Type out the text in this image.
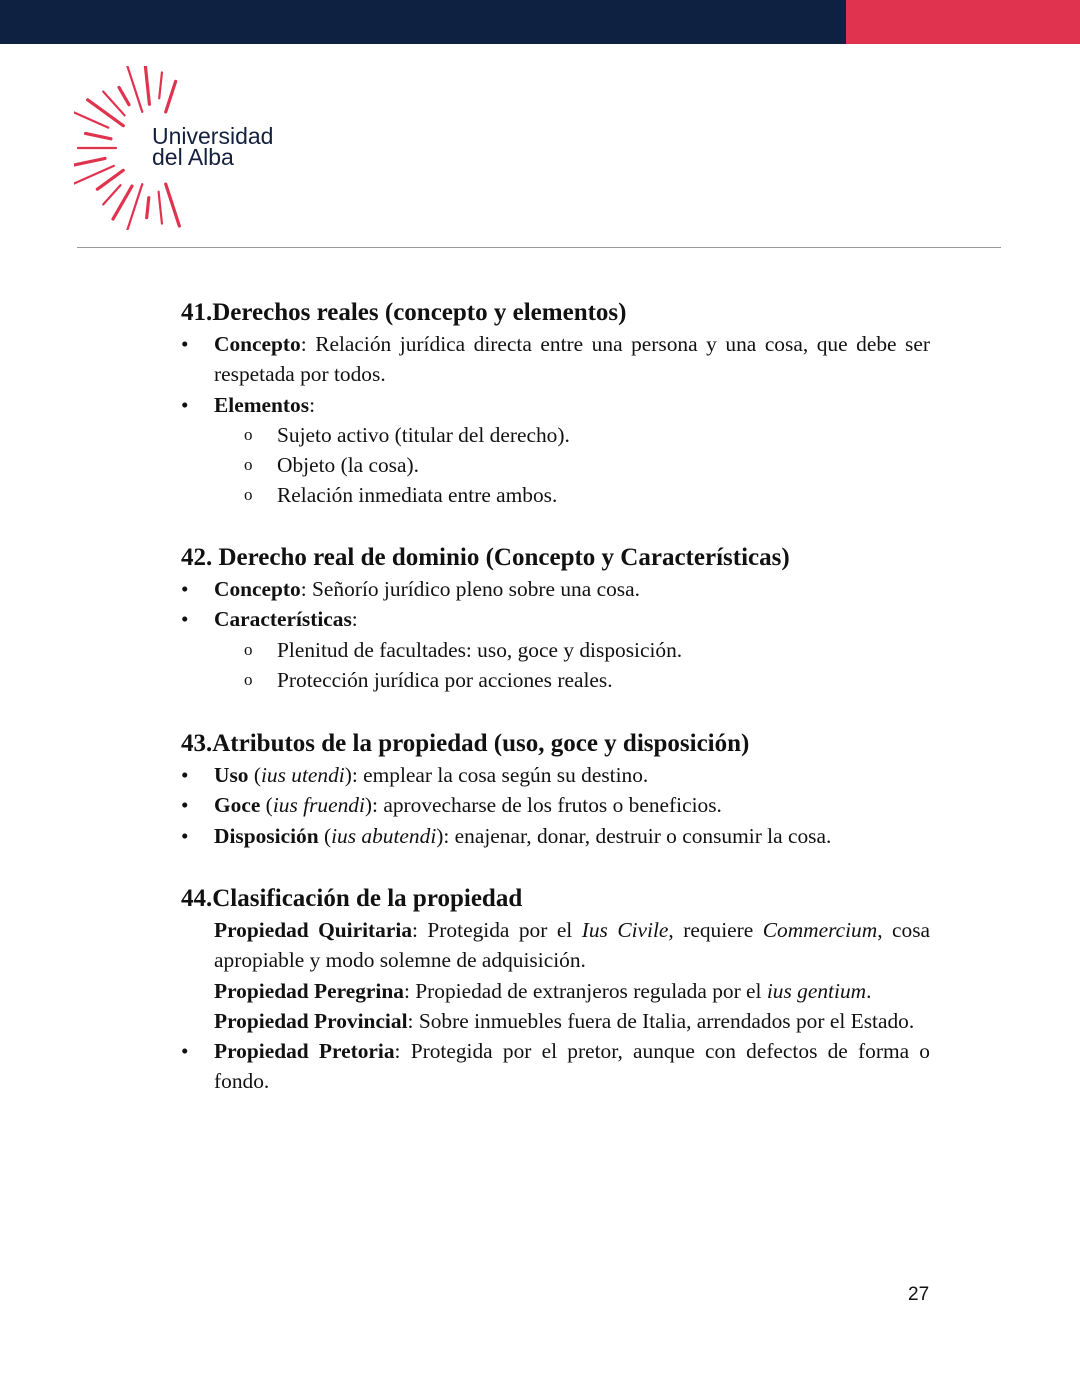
Universidad
del Alba
41.Derechos reales (concepto y elementos)
• Concepto: Relación jurídica directa entre una persona y una cosa, que debe ser respetada por todos.
• Elementos:
o Sujeto activo (titular del derecho).
o Objeto (la cosa).
o Relación inmediata entre ambos.
42. Derecho real de dominio (Concepto y Características)
• Concepto: Señorío jurídico pleno sobre una cosa.
• Características:
o Plenitud de facultades: uso, goce y disposición.
o Protección jurídica por acciones reales.
43.Atributos de la propiedad (uso, goce y disposición)
• Uso (ius utendi): emplear la cosa según su destino.
• Goce (ius fruendi): aprovecharse de los frutos o beneficios.
• Disposición (ius abutendi): enajenar, donar, destruir o consumir la cosa.
44.Clasificación de la propiedad
Propiedad Quiritaria: Protegida por el Ius Civile, requiere Commercium, cosa apropiable y modo solemne de adquisición.
Propiedad Peregrina: Propiedad de extranjeros regulada por el ius gentium.
Propiedad Provincial: Sobre inmuebles fuera de Italia, arrendados por el Estado.
• Propiedad Pretoria: Protegida por el pretor, aunque con defectos de forma o fondo.
27
